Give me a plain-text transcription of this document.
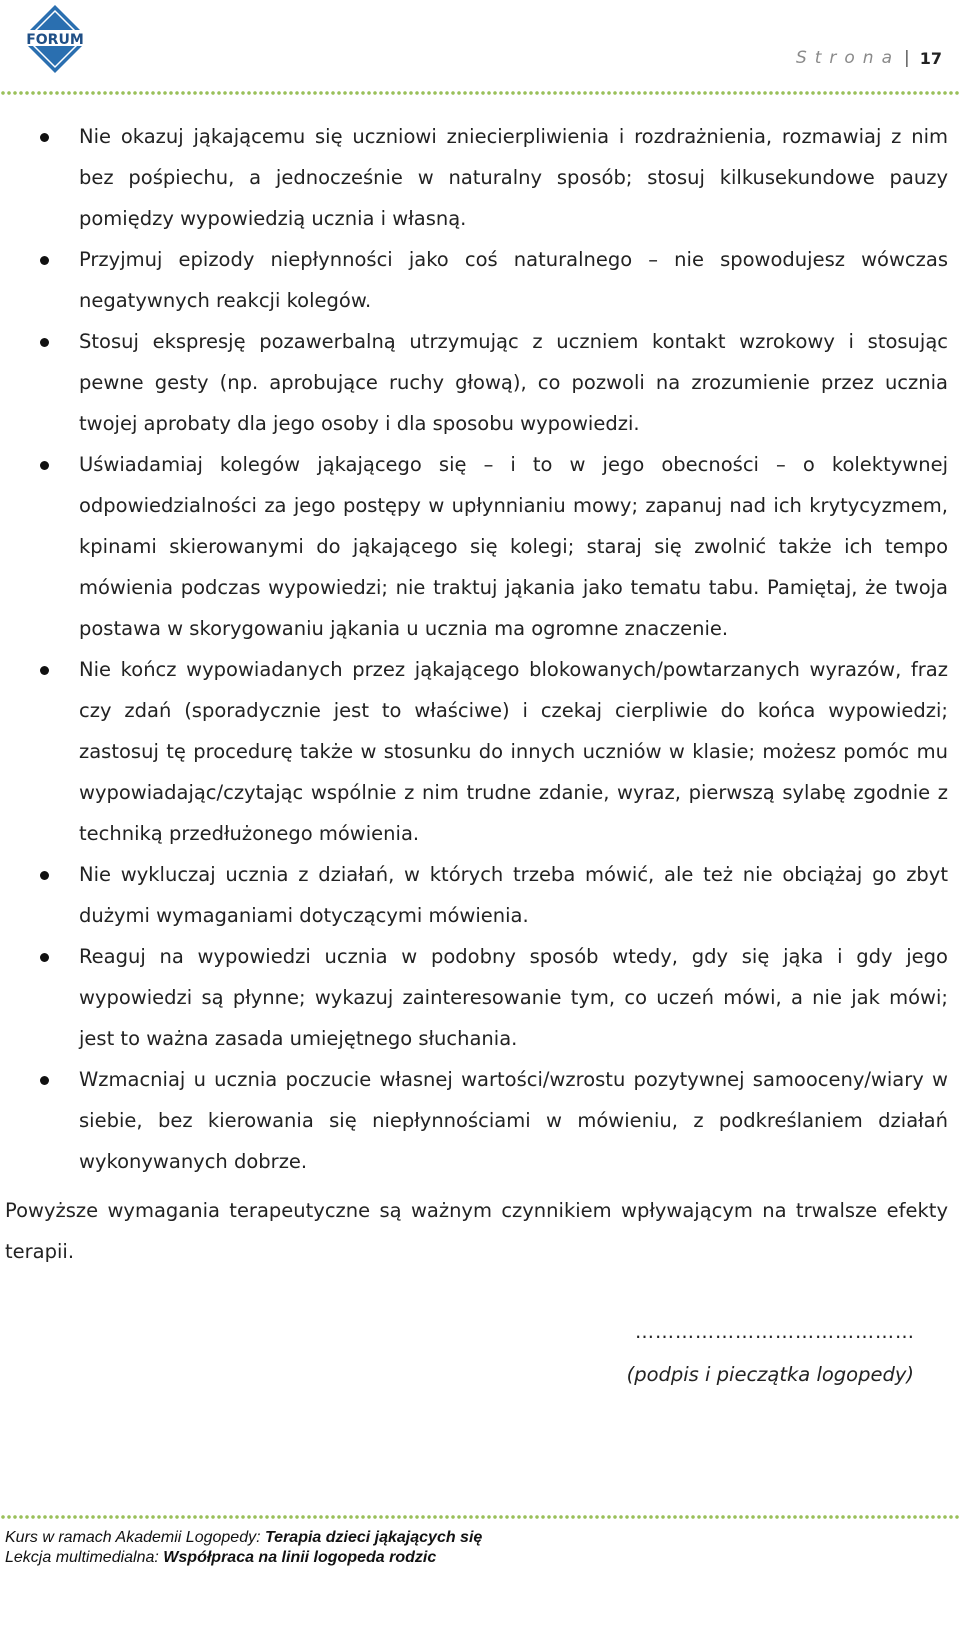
FORUM
Strona | 17
Nie okazuj jąkającemu się uczniowi zniecierpliwienia i rozdrażnienia, rozmawiaj z nim bez pośpiechu, a jednocześnie w naturalny sposób; stosuj kilkusekundowe pauzy pomiędzy wypowiedzią ucznia i własną.
Przyjmuj epizody niepłynności jako coś naturalnego – nie spowodujesz wówczas negatywnych reakcji kolegów.
Stosuj ekspresję pozawerbalną utrzymując z uczniem kontakt wzrokowy i stosując pewne gesty (np. aprobujące ruchy głową), co pozwoli na zrozumienie przez ucznia twojej aprobaty dla jego osoby i dla sposobu wypowiedzi.
Uświadamiaj kolegów jąkającego się – i to w jego obecności – o kolektywnej odpowiedzialności za jego postępy w upłynnianiu mowy; zapanuj nad ich krytycyzmem, kpinami skierowanymi do jąkającego się kolegi; staraj się zwolnić także ich tempo mówienia podczas wypowiedzi; nie traktuj jąkania jako tematu tabu. Pamiętaj, że twoja postawa w skorygowaniu jąkania u ucznia ma ogromne znaczenie.
Nie kończ wypowiadanych przez jąkającego blokowanych/powtarzanych wyrazów, fraz czy zdań (sporadycznie jest to właściwe) i czekaj cierpliwie do końca wypowiedzi; zastosuj tę procedurę także w stosunku do innych uczniów w klasie; możesz pomóc mu wypowiadając/czytając wspólnie z nim trudne zdanie, wyraz, pierwszą sylabę zgodnie z techniką przedłużonego mówienia.
Nie wykluczaj ucznia z działań, w których trzeba mówić, ale też nie obciążaj go zbyt dużymi wymaganiami dotyczącymi mówienia.
Reaguj na wypowiedzi ucznia w podobny sposób wtedy, gdy się jąka i gdy jego wypowiedzi są płynne; wykazuj zainteresowanie tym, co uczeń mówi, a nie jak mówi; jest to ważna zasada umiejętnego słuchania.
Wzmacniaj u ucznia poczucie własnej wartości/wzrostu pozytywnej samooceny/wiary w siebie, bez kierowania się niepłynnościami w mówieniu, z podkreślaniem działań wykonywanych dobrze.

Powyższe wymagania terapeutyczne są ważnym czynnikiem wpływającym na trwalsze efekty terapii.

……………………………………
(podpis i pieczątka logopedy)
Kurs w ramach Akademii Logopedy: Terapia dzieci jąkających się
Lekcja multimedialna: Współpraca na linii logopeda rodzic
